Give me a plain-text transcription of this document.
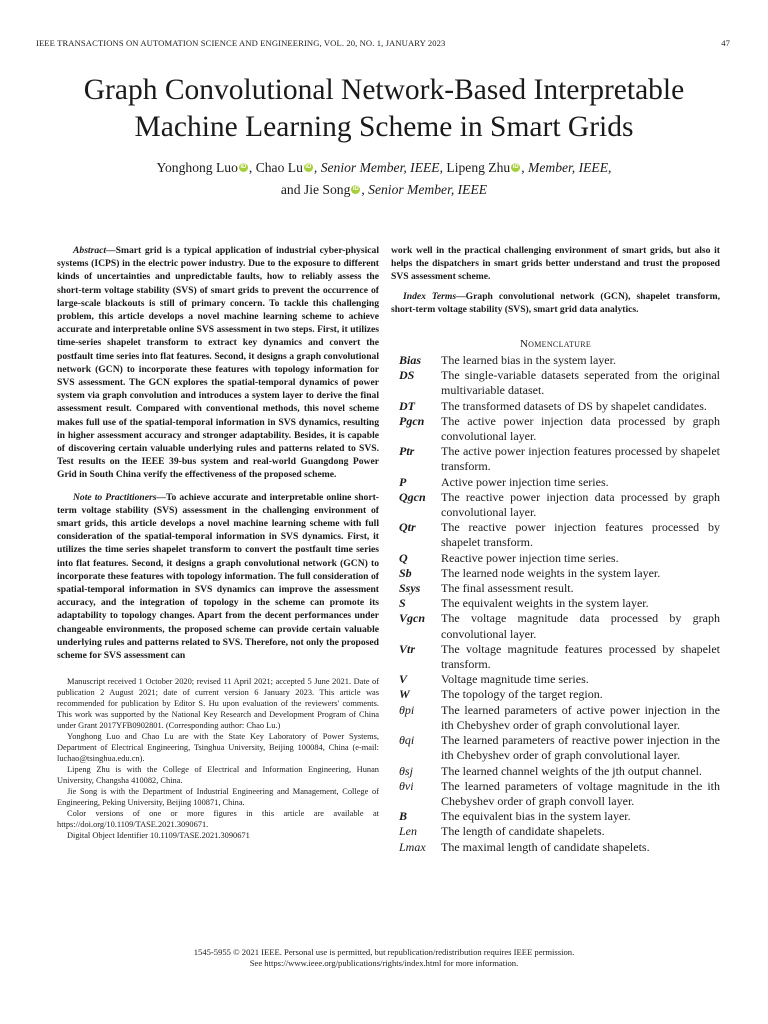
IEEE TRANSACTIONS ON AUTOMATION SCIENCE AND ENGINEERING, VOL. 20, NO. 1, JANUARY 2023	47
Graph Convolutional Network-Based Interpretable
Machine Learning Scheme in Smart Grids
Yonghong Luo iD , Chao Lu iD , Senior Member, IEEE, Lipeng Zhu iD , Member, IEEE,
and Jie Song iD , Senior Member, IEEE

Abstract—Smart grid is a typical application of industrial cyber-physical systems (ICPS) in the electric power industry. Due to the exposure to different kinds of uncertainties and unpredictable faults, how to reliably assess the short-term voltage stability (SVS) of smart grids to prevent the occurrence of large-scale blackouts is still of primary concern. To tackle this challenging problem, this article develops a novel machine learning scheme to achieve accurate and interpretable online SVS assessment in two steps. First, it utilizes time-series shapelet transform to extract key dynamics and convert the postfault time series into flat features. Second, it designs a graph convolutional network (GCN) to incorporate these features with topology information for SVS assessment. The GCN explores the spatial-temporal dynamics of power system via graph convolution and introduces a system layer to derive the final assessment result. Compared with conventional methods, this novel scheme makes full use of the spatial-temporal information in SVS dynamics, resulting in higher assessment accuracy and stronger adaptability. Besides, it is capable of discovering certain valuable underlying rules and patterns related to SVS. Test results on the IEEE 39-bus system and real-world Guangdong Power Grid in South China verify the effectiveness of the proposed scheme.

Note to Practitioners—To achieve accurate and interpretable online short-term voltage stability (SVS) assessment in the challenging environment of smart grids, this article develops a novel machine learning scheme with full consideration of the spatial-temporal information in SVS dynamics. First, it utilizes the time series shapelet transform to convert the postfault time series into flat features. Second, it designs a graph convolutional network (GCN) to incorporate these features with topology information. The full consideration of spatial-temporal information in SVS dynamics can improve the assessment accuracy, and the integration of topology in the scheme can promote its adaptability to topology changes. Apart from the decent performances under changeable environments, the proposed scheme can provide certain valuable underlying rules and patterns related to SVS. Therefore, not only the proposed scheme for SVS assessment can

Manuscript received 1 October 2020; revised 11 April 2021; accepted 5 June 2021. Date of publication 2 August 2021; date of current version 6 January 2023. This article was recommended for publication by Editor S. Hu upon evaluation of the reviewers' comments. This work was supported by the National Key Research and Development Program of China under Grant 2017YFB0902801. (Corresponding author: Chao Lu.)

Yonghong Luo and Chao Lu are with the State Key Laboratory of Power Systems, Department of Electrical Engineering, Tsinghua University, Beijing 100084, China (e-mail: luchao@tsinghua.edu.cn).

Lipeng Zhu is with the College of Electrical and Information Engineering, Hunan University, Changsha 410082, China.

Jie Song is with the Department of Industrial Engineering and Management, College of Engineering, Peking University, Beijing 100871, China.

Color versions of one or more figures in this article are available at https://doi.org/10.1109/TASE.2021.3090671.

Digital Object Identifier 10.1109/TASE.2021.3090671

work well in the practical challenging environment of smart grids, but also it helps the dispatchers in smart grids better understand and trust the proposed SVS assessment scheme.

Index Terms—Graph convolutional network (GCN), shapelet transform, short-term voltage stability (SVS), smart grid data analytics.

Nomenclature
Bias	The learned bias in the system layer.
DS	The single-variable datasets seperated from the original multivariable dataset.
DT	The transformed datasets of DS by shapelet candidates.
Pgcn	The active power injection data processed by graph convolutional layer.
Ptr	The active power injection features processed by shapelet transform.
P	Active power injection time series.
Qgcn	The reactive power injection data processed by graph convolutional layer.
Qtr	The reactive power injection features processed by shapelet transform.
Q	Reactive power injection time series.
Sb	The learned node weights in the system layer.
Ssys	The final assessment result.
S	The equivalent weights in the system layer.
Vgcn	The voltage magnitude data processed by graph convolutional layer.
Vtr	The voltage magnitude features processed by shapelet transform.
V	Voltage magnitude time series.
W	The topology of the target region.
θpi	The learned parameters of active power injection in the ith Chebyshev order of graph convolutional layer.
θqi	The learned parameters of reactive power injection in the ith Chebyshev order of graph convolutional layer.
θsj	The learned channel weights of the jth output channel.
θvi	The learned parameters of voltage magnitude in the ith Chebyshev order of graph convoll layer.
B	The equivalent bias in the system layer.
Len	The length of candidate shapelets.
Lmax	The maximal length of candidate shapelets.
1545-5955 © 2021 IEEE. Personal use is permitted, but republication/redistribution requires IEEE permission.
See https://www.ieee.org/publications/rights/index.html for more information.
